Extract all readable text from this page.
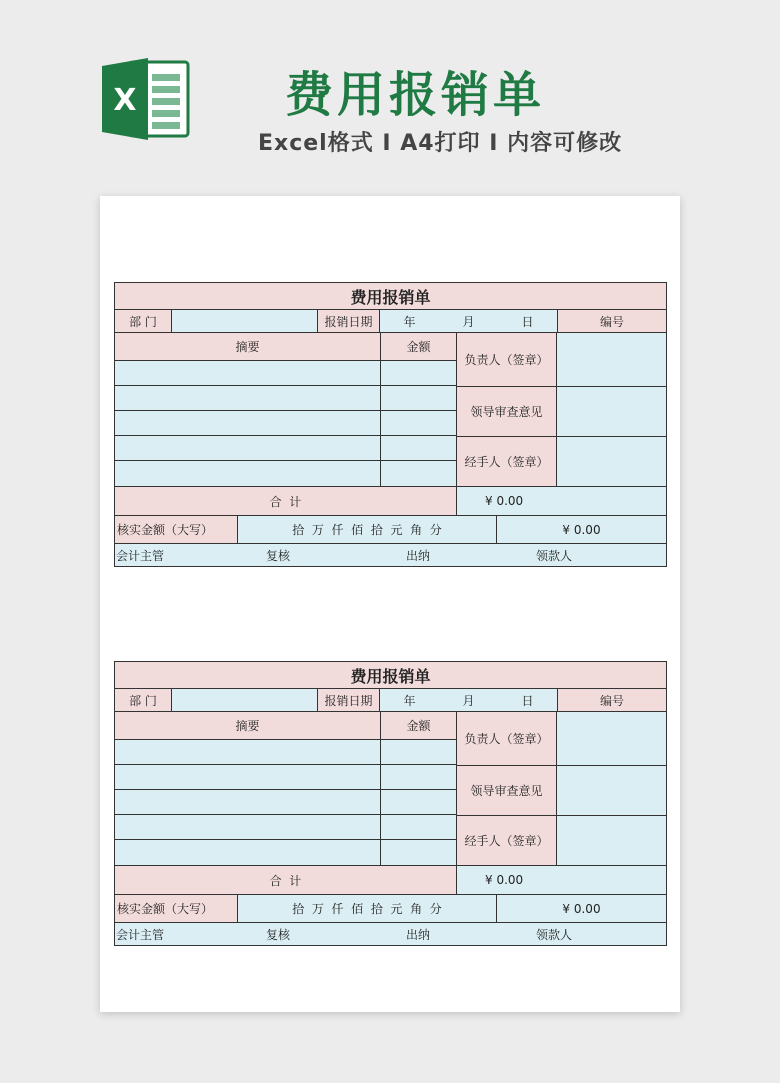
X	费用报销单
Excel格式 I A4打印 I 内容可修改
费用报销单
部 门	报销日期	年	月	日	编号
摘要	金额
负责人（签章）
领导审查意见
经手人（签章）
合  计	¥ 0.00
核实金额（大写）	拾  万  仟  佰  拾  元  角  分	¥ 0.00
会计主管	复核	出纳	领款人
费用报销单
部 门	报销日期	年	月	日	编号
摘要	金额
负责人（签章）
领导审查意见
经手人（签章）
合  计	¥ 0.00
核实金额（大写）	拾  万  仟  佰  拾  元  角  分	¥ 0.00
会计主管	复核	出纳	领款人
